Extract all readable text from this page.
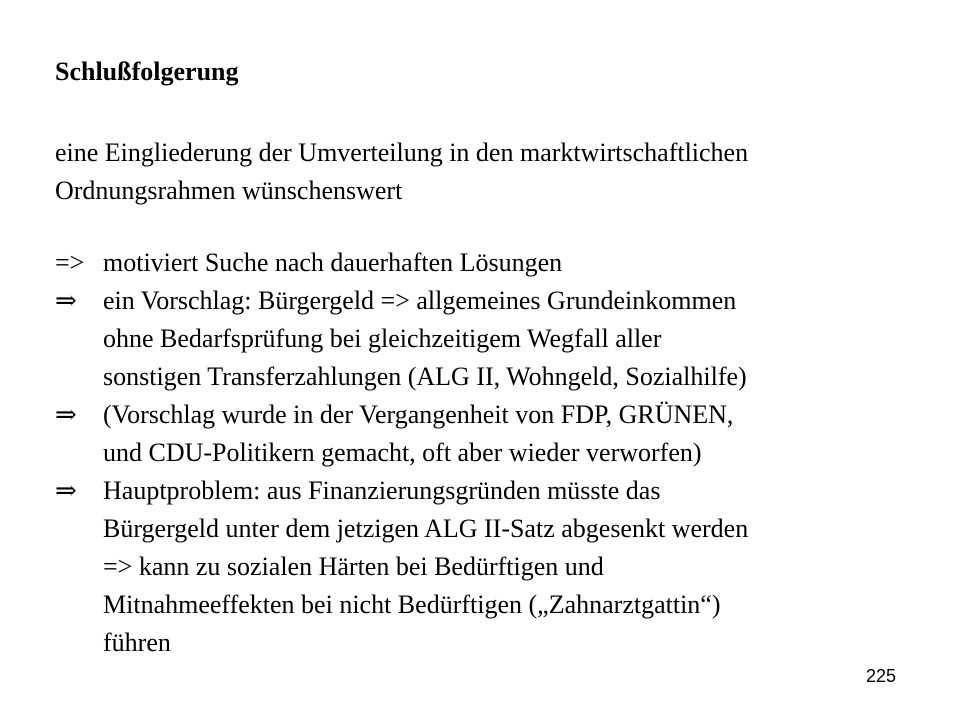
Schlußfolgerung
eine Eingliederung der Umverteilung in den marktwirtschaftlichen
Ordnungsrahmen wünschenswert
=> motiviert Suche nach dauerhaften Lösungen
⇒	ein Vorschlag: Bürgergeld => allgemeines Grundeinkommen
ohne Bedarfsprüfung bei gleichzeitigem Wegfall aller
sonstigen Transferzahlungen (ALG II, Wohngeld, Sozialhilfe)
⇒	(Vorschlag wurde in der Vergangenheit von FDP, GRÜNEN,
und CDU-Politikern gemacht, oft aber wieder verworfen)
⇒	Hauptproblem: aus Finanzierungsgründen müsste das
Bürgergeld unter dem jetzigen ALG II-Satz abgesenkt werden
=> kann zu sozialen Härten bei Bedürftigen und
Mitnahmeeffekten bei nicht Bedürftigen („Zahnarztgattin“)
führen
225
